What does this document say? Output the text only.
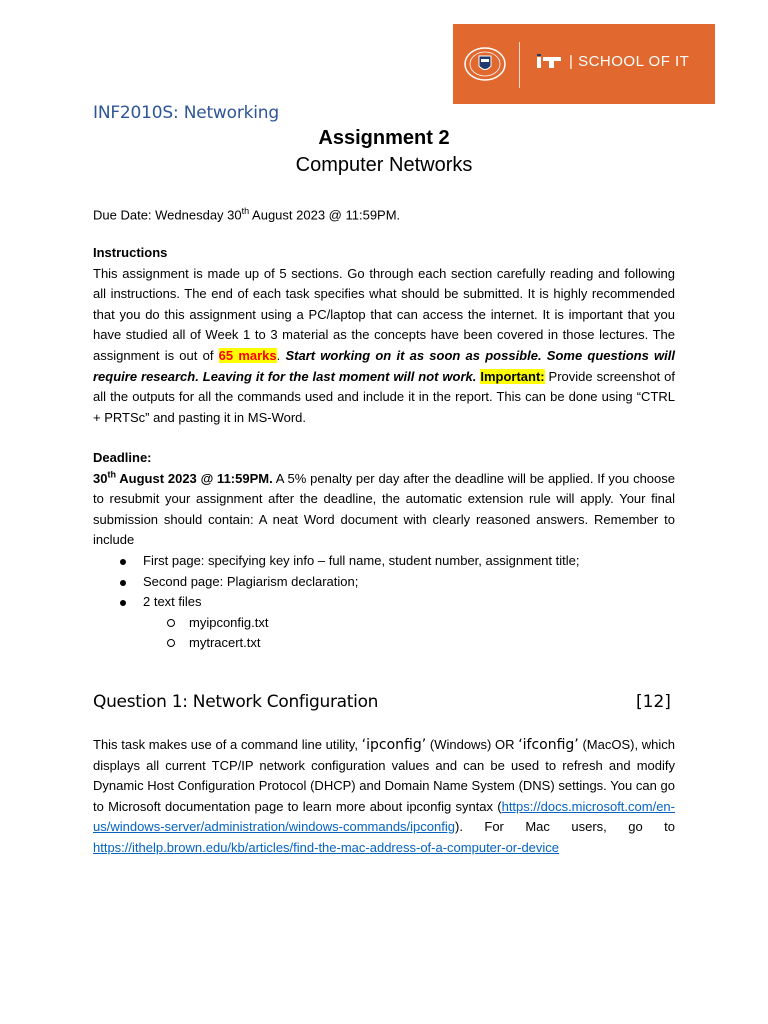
| SCHOOL OF IT
INF2010S: Networking
Assignment 2
Computer Networks
Due Date: Wednesday 30th August 2023 @ 11:59PM.
Instructions
This assignment is made up of 5 sections. Go through each section carefully reading and following all instructions. The end of each task specifies what should be submitted. It is highly recommended that you do this assignment using a PC/laptop that can access the internet. It is important that you have studied all of Week 1 to 3 material as the concepts have been covered in those lectures. The assignment is out of 65 marks. Start working on it as soon as possible. Some questions will require research. Leaving it for the last moment will not work. Important: Provide screenshot of all the outputs for all the commands used and include it in the report. This can be done using “CTRL + PRTSc” and pasting it in MS-Word.
Deadline:
30th August 2023 @ 11:59PM. A 5% penalty per day after the deadline will be applied. If you choose to resubmit your assignment after the deadline, the automatic extension rule will apply. Your final submission should contain: A neat Word document with clearly reasoned answers. Remember to include
First page: specifying key info – full name, student number, assignment title;
Second page: Plagiarism declaration;
2 text files
myipconfig.txt
mytracert.txt
Question 1: Network Configuration	[12]
This task makes use of a command line utility, ‘ipconfig’ (Windows) OR ‘ifconfig’ (MacOS), which displays all current TCP/IP network configuration values and can be used to refresh and modify Dynamic Host Configuration Protocol (DHCP) and Domain Name System (DNS) settings. You can go to Microsoft documentation page to learn more about ipconfig syntax (https://docs.microsoft.com/en-us/windows-server/administration/windows-commands/ipconfig). For Mac users, go to https://ithelp.brown.edu/kb/articles/find-the-mac-address-of-a-computer-or-device
